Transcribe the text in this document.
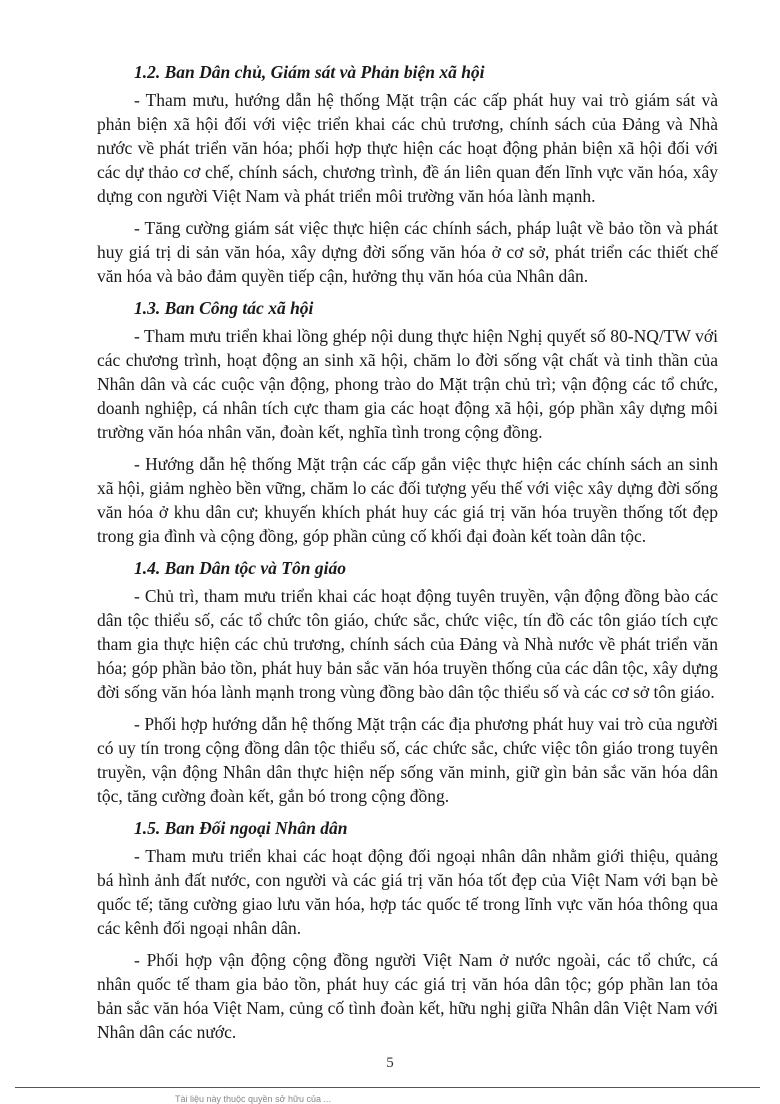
1.2. Ban Dân chủ, Giám sát và Phản biện xã hội

- Tham mưu, hướng dẫn hệ thống Mặt trận các cấp phát huy vai trò giám sát và phản biện xã hội đối với việc triển khai các chủ trương, chính sách của Đảng và Nhà nước về phát triển văn hóa; phối hợp thực hiện các hoạt động phản biện xã hội đối với các dự thảo cơ chế, chính sách, chương trình, đề án liên quan đến lĩnh vực văn hóa, xây dựng con người Việt Nam và phát triển môi trường văn hóa lành mạnh.

- Tăng cường giám sát việc thực hiện các chính sách, pháp luật về bảo tồn và phát huy giá trị di sản văn hóa, xây dựng đời sống văn hóa ở cơ sở, phát triển các thiết chế văn hóa và bảo đảm quyền tiếp cận, hưởng thụ văn hóa của Nhân dân.

1.3. Ban Công tác xã hội

- Tham mưu triển khai lồng ghép nội dung thực hiện Nghị quyết số 80-NQ/TW với các chương trình, hoạt động an sinh xã hội, chăm lo đời sống vật chất và tinh thần của Nhân dân và các cuộc vận động, phong trào do Mặt trận chủ trì; vận động các tổ chức, doanh nghiệp, cá nhân tích cực tham gia các hoạt động xã hội, góp phần xây dựng môi trường văn hóa nhân văn, đoàn kết, nghĩa tình trong cộng đồng.

- Hướng dẫn hệ thống Mặt trận các cấp gắn việc thực hiện các chính sách an sinh xã hội, giảm nghèo bền vững, chăm lo các đối tượng yếu thế với việc xây dựng đời sống văn hóa ở khu dân cư; khuyến khích phát huy các giá trị văn hóa truyền thống tốt đẹp trong gia đình và cộng đồng, góp phần củng cố khối đại đoàn kết toàn dân tộc.

1.4. Ban Dân tộc và Tôn giáo

- Chủ trì, tham mưu triển khai các hoạt động tuyên truyền, vận động đồng bào các dân tộc thiểu số, các tổ chức tôn giáo, chức sắc, chức việc, tín đồ các tôn giáo tích cực tham gia thực hiện các chủ trương, chính sách của Đảng và Nhà nước về phát triển văn hóa; góp phần bảo tồn, phát huy bản sắc văn hóa truyền thống của các dân tộc, xây dựng đời sống văn hóa lành mạnh trong vùng đồng bào dân tộc thiểu số và các cơ sở tôn giáo.

- Phối hợp hướng dẫn hệ thống Mặt trận các địa phương phát huy vai trò của người có uy tín trong cộng đồng dân tộc thiểu số, các chức sắc, chức việc tôn giáo trong tuyên truyền, vận động Nhân dân thực hiện nếp sống văn minh, giữ gìn bản sắc văn hóa dân tộc, tăng cường đoàn kết, gắn bó trong cộng đồng.

1.5. Ban Đối ngoại Nhân dân

- Tham mưu triển khai các hoạt động đối ngoại nhân dân nhằm giới thiệu, quảng bá hình ảnh đất nước, con người và các giá trị văn hóa tốt đẹp của Việt Nam với bạn bè quốc tế; tăng cường giao lưu văn hóa, hợp tác quốc tế trong lĩnh vực văn hóa thông qua các kênh đối ngoại nhân dân.

- Phối hợp vận động cộng đồng người Việt Nam ở nước ngoài, các tổ chức, cá nhân quốc tế tham gia bảo tồn, phát huy các giá trị văn hóa dân tộc; góp phần lan tỏa bản sắc văn hóa Việt Nam, củng cố tình đoàn kết, hữu nghị giữa Nhân dân Việt Nam với Nhân dân các nước.

5
Tài liệu này thuộc quyền sở hữu của ...
